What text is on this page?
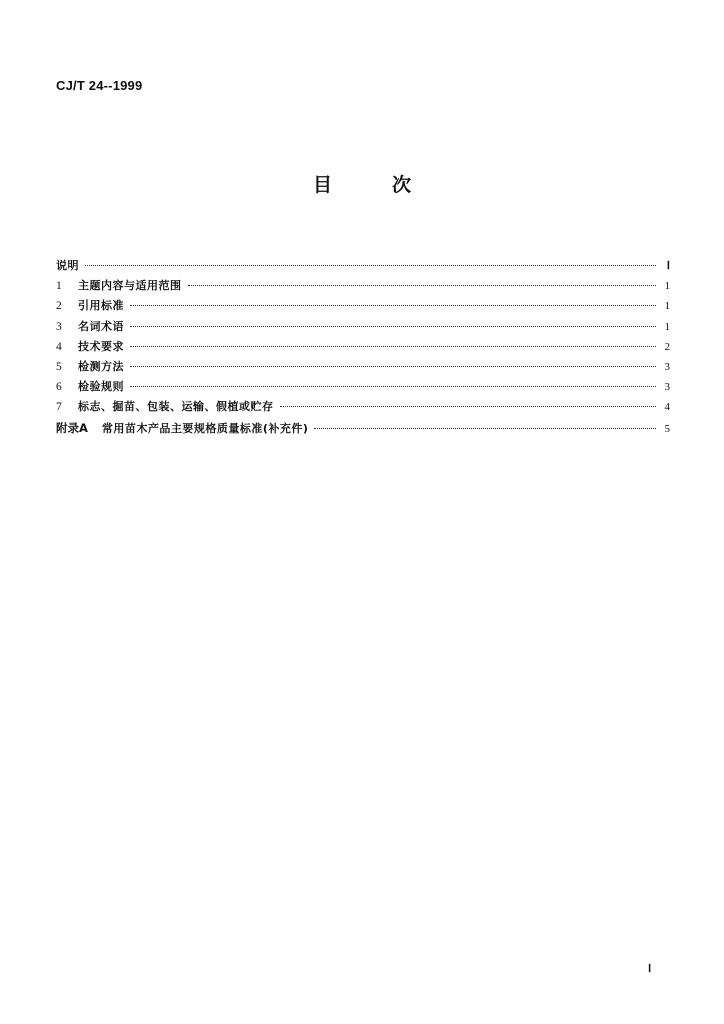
CJ/T 24--1999
目次
说明	Ⅰ
1	主题内容与适用范围	1
2	引用标准	1
3	名词术语	1
4	技术要求	2
5	检测方法	3
6	检验规则	3
7	标志、掘苗、包装、运输、假植或贮存	4
附录A	常用苗木产品主要规格质量标准(补充件)	5
Ⅰ
